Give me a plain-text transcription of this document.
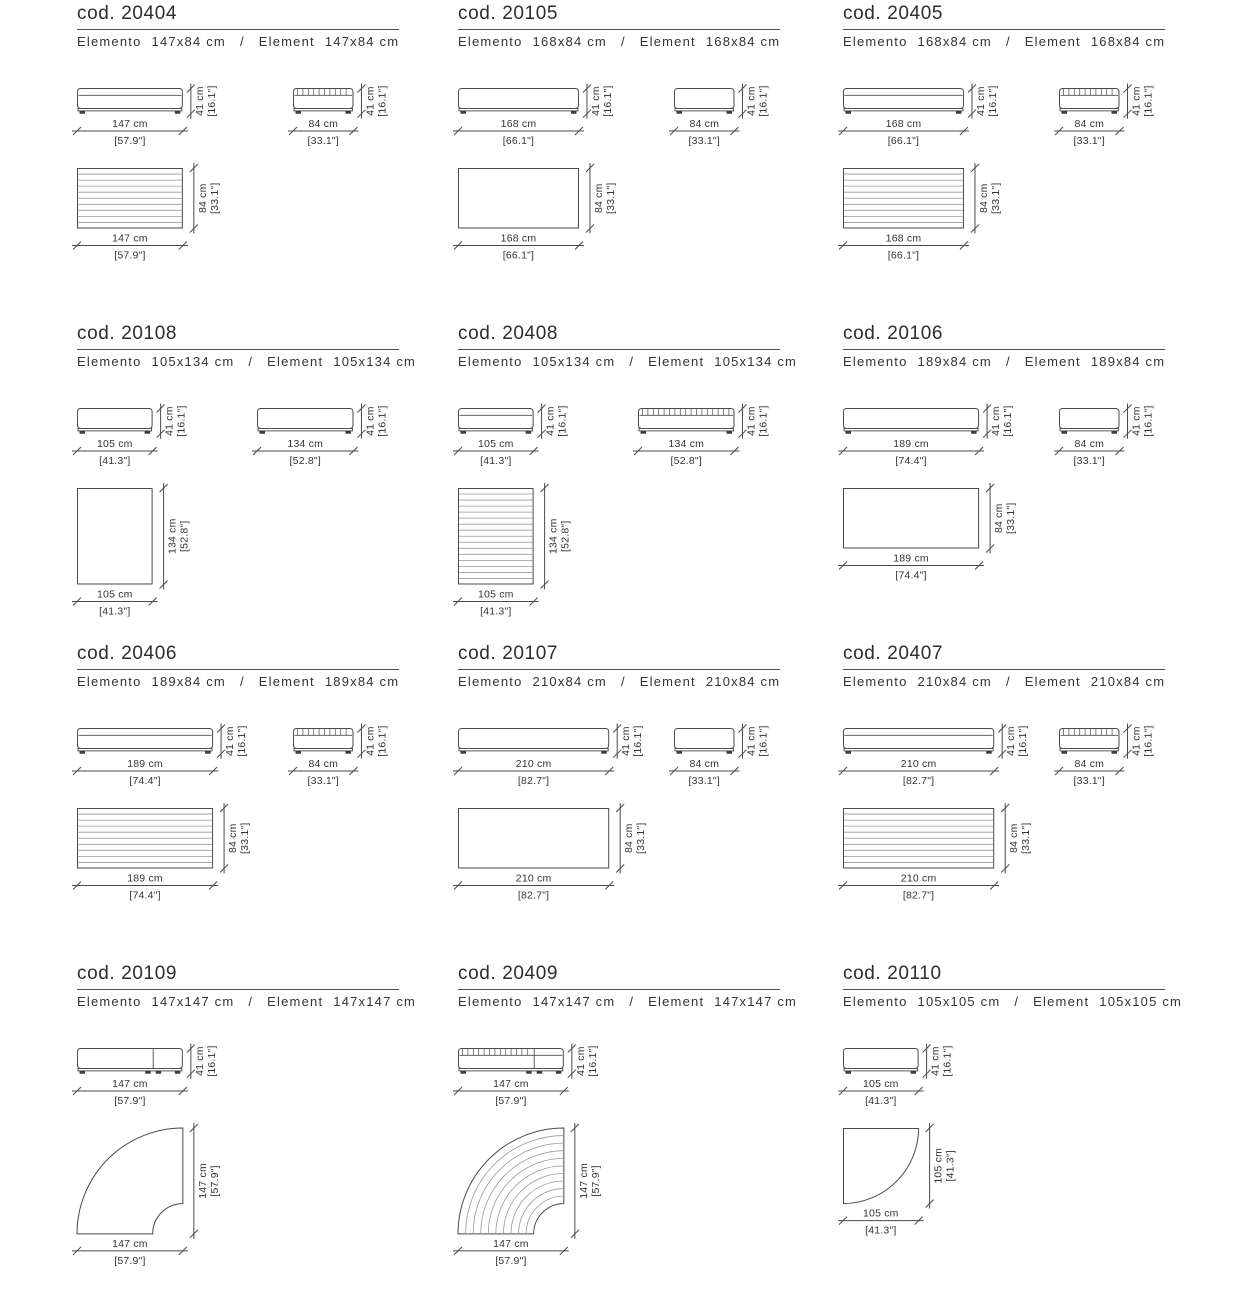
cod. 20404
Elemento 147x84 cm / Element 147x84 cm
147 cm
[57.9"]
41 cm [16.1"]
84 cm
[33.1"]
41 cm [16.1"]
147 cm
[57.9"]
84 cm [33.1"]
cod. 20105
Elemento 168x84 cm / Element 168x84 cm
168 cm
[66.1"]
41 cm [16.1"]
84 cm
[33.1"]
41 cm [16.1"]
168 cm
[66.1"]
84 cm [33.1"]
cod. 20405
Elemento 168x84 cm / Element 168x84 cm
168 cm
[66.1"]
41 cm [16.1"]
84 cm
[33.1"]
41 cm [16.1"]
168 cm
[66.1"]
84 cm [33.1"]
cod. 20108
Elemento 105x134 cm / Element 105x134 cm
105 cm
[41.3"]
41 cm [16.1"]
134 cm
[52.8"]
41 cm [16.1"]
105 cm
[41.3"]
134 cm [52.8"]
cod. 20408
Elemento 105x134 cm / Element 105x134 cm
105 cm
[41.3"]
41 cm [16.1"]
134 cm
[52.8"]
41 cm [16.1"]
105 cm
[41.3"]
134 cm [52.8"]
cod. 20106
Elemento 189x84 cm / Element 189x84 cm
189 cm
[74.4"]
41 cm [16.1"]
84 cm
[33.1"]
41 cm [16.1"]
189 cm
[74.4"]
84 cm [33.1"]
cod. 20406
Elemento 189x84 cm / Element 189x84 cm
189 cm
[74.4"]
41 cm [16.1"]
84 cm
[33.1"]
41 cm [16.1"]
189 cm
[74.4"]
84 cm [33.1"]
cod. 20107
Elemento 210x84 cm / Element 210x84 cm
210 cm
[82.7"]
41 cm [16.1"]
84 cm
[33.1"]
41 cm [16.1"]
210 cm
[82.7"]
84 cm [33.1"]
cod. 20407
Elemento 210x84 cm / Element 210x84 cm
210 cm
[82.7"]
41 cm [16.1"]
84 cm
[33.1"]
41 cm [16.1"]
210 cm
[82.7"]
84 cm [33.1"]
cod. 20109
Elemento 147x147 cm / Element 147x147 cm
147 cm
[57.9"]
41 cm [16.1"]
147 cm
[57.9"]
147 cm [57.9"]
cod. 20409
Elemento 147x147 cm / Element 147x147 cm
147 cm
[57.9"]
41 cm [16.1"]
147 cm
[57.9"]
147 cm [57.9"]
cod. 20110
Elemento 105x105 cm / Element 105x105 cm
105 cm
[41.3"]
41 cm [16.1"]
105 cm
[41.3"]
105 cm [41.3"]
